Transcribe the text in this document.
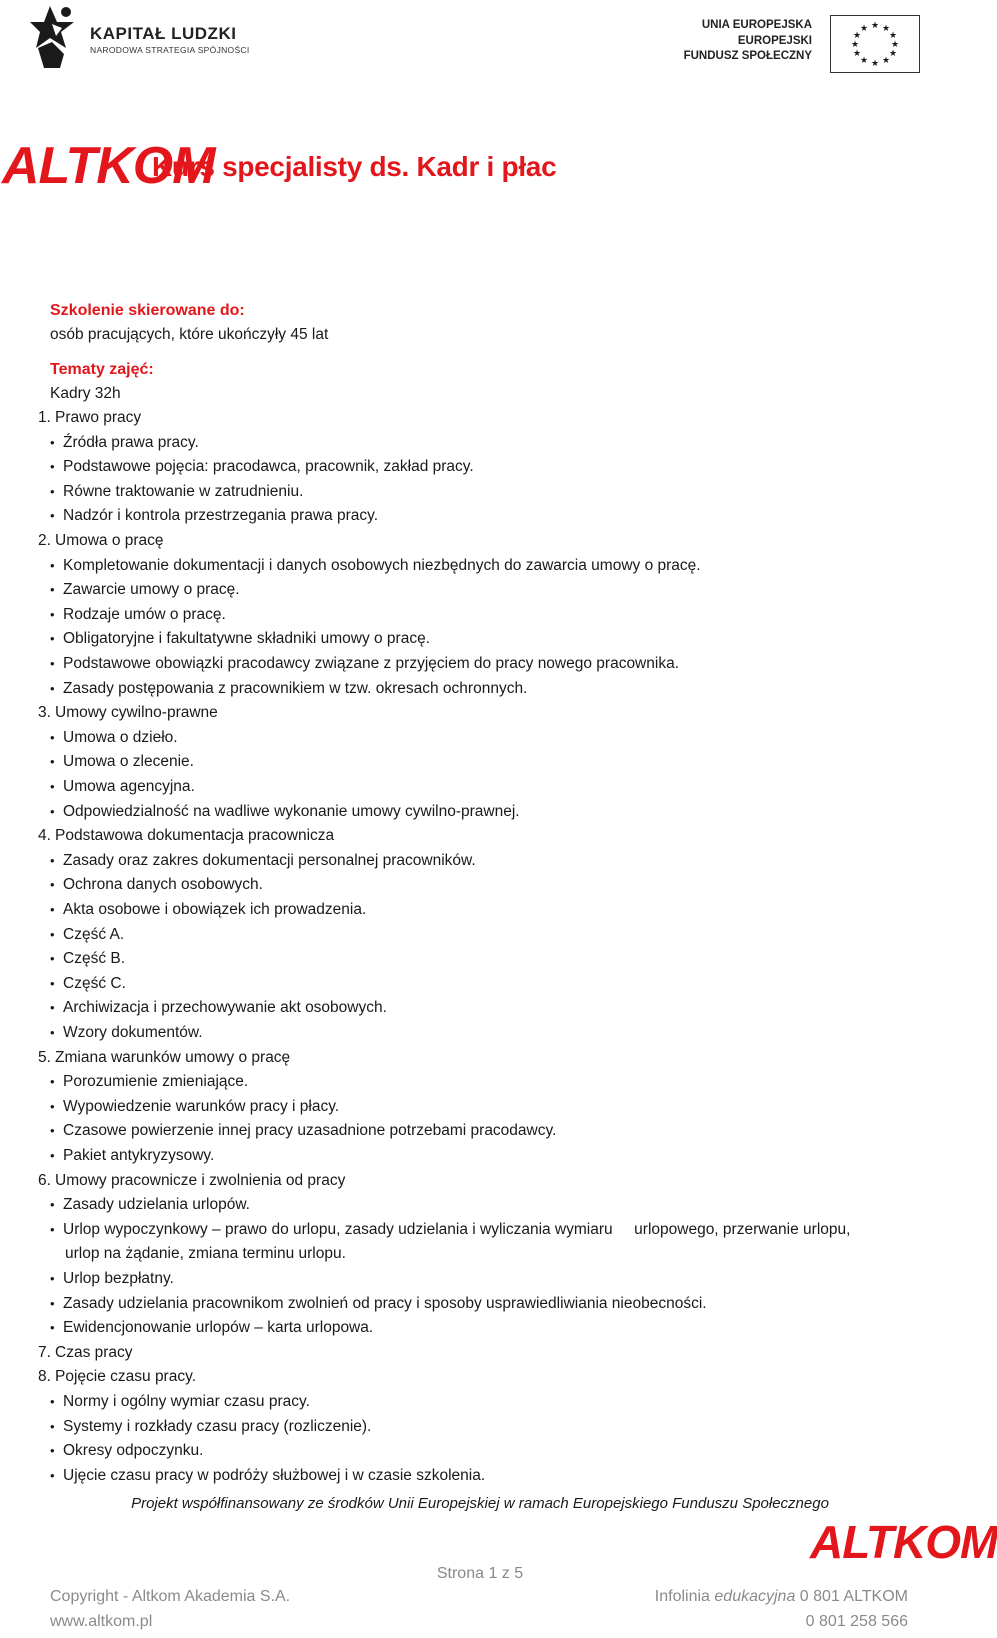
KAPITAŁ LUDZKI
NARODOWA STRATEGIA SPÓJNOŚCI
UNIA EUROPEJSKA
EUROPEJSKI
FUNDUSZ SPOŁECZNY
★ ★
★
★
★
★
★
★
★
★
★
★
ALTKOM
Kurs specjalisty ds. Kadr i płac
Szkolenie skierowane do:
osób pracujących, które ukończyły 45 lat
Tematy zajęć:
Kadry 32h
1. Prawo pracy
• Źródła prawa pracy.
• Podstawowe pojęcia: pracodawca, pracownik, zakład pracy.
• Równe traktowanie w zatrudnieniu.
• Nadzór i kontrola przestrzegania prawa pracy.
2. Umowa o pracę
• Kompletowanie dokumentacji i danych osobowych niezbędnych do zawarcia umowy o pracę.
• Zawarcie umowy o pracę.
• Rodzaje umów o pracę.
• Obligatoryjne i fakultatywne składniki umowy o pracę.
• Podstawowe obowiązki pracodawcy związane z przyjęciem do pracy nowego pracownika.
• Zasady postępowania z pracownikiem w tzw. okresach ochronnych.
3. Umowy cywilno-prawne
• Umowa o dzieło.
• Umowa o zlecenie.
• Umowa agencyjna.
• Odpowiedzialność na wadliwe wykonanie umowy cywilno-prawnej.
4. Podstawowa dokumentacja pracownicza
• Zasady oraz zakres dokumentacji personalnej pracowników.
• Ochrona danych osobowych.
• Akta osobowe i obowiązek ich prowadzenia.
• Część A.
• Część B.
• Część C.
• Archiwizacja i przechowywanie akt osobowych.
• Wzory dokumentów.
5. Zmiana warunków umowy o pracę
• Porozumienie zmieniające.
• Wypowiedzenie warunków pracy i płacy.
• Czasowe powierzenie innej pracy uzasadnione potrzebami pracodawcy.
• Pakiet antykryzysowy.
6. Umowy pracownicze i zwolnienia od pracy
• Zasady udzielania urlopów.
• Urlop wypoczynkowy – prawo do urlopu, zasady udzielania i wyliczania wymiaru     urlopowego, przerwanie urlopu,
urlop na żądanie, zmiana terminu urlopu.
• Urlop bezpłatny.
• Zasady udzielania pracownikom zwolnień od pracy i sposoby usprawiedliwiania nieobecności.
• Ewidencjonowanie urlopów – karta urlopowa.
7. Czas pracy
8. Pojęcie czasu pracy.
• Normy i ogólny wymiar czasu pracy.
• Systemy i rozkłady czasu pracy (rozliczenie).
• Okresy odpoczynku.
• Ujęcie czasu pracy w podróży służbowej i w czasie szkolenia.
Projekt współfinansowany ze środków Unii Europejskiej w ramach Europejskiego Funduszu Społecznego
ALTKOM
Strona 1 z 5
Copyright - Altkom Akademia S.A.
www.altkom.pl
Infolinia edukacyjna 0 801 ALTKOM
0 801 258 566
